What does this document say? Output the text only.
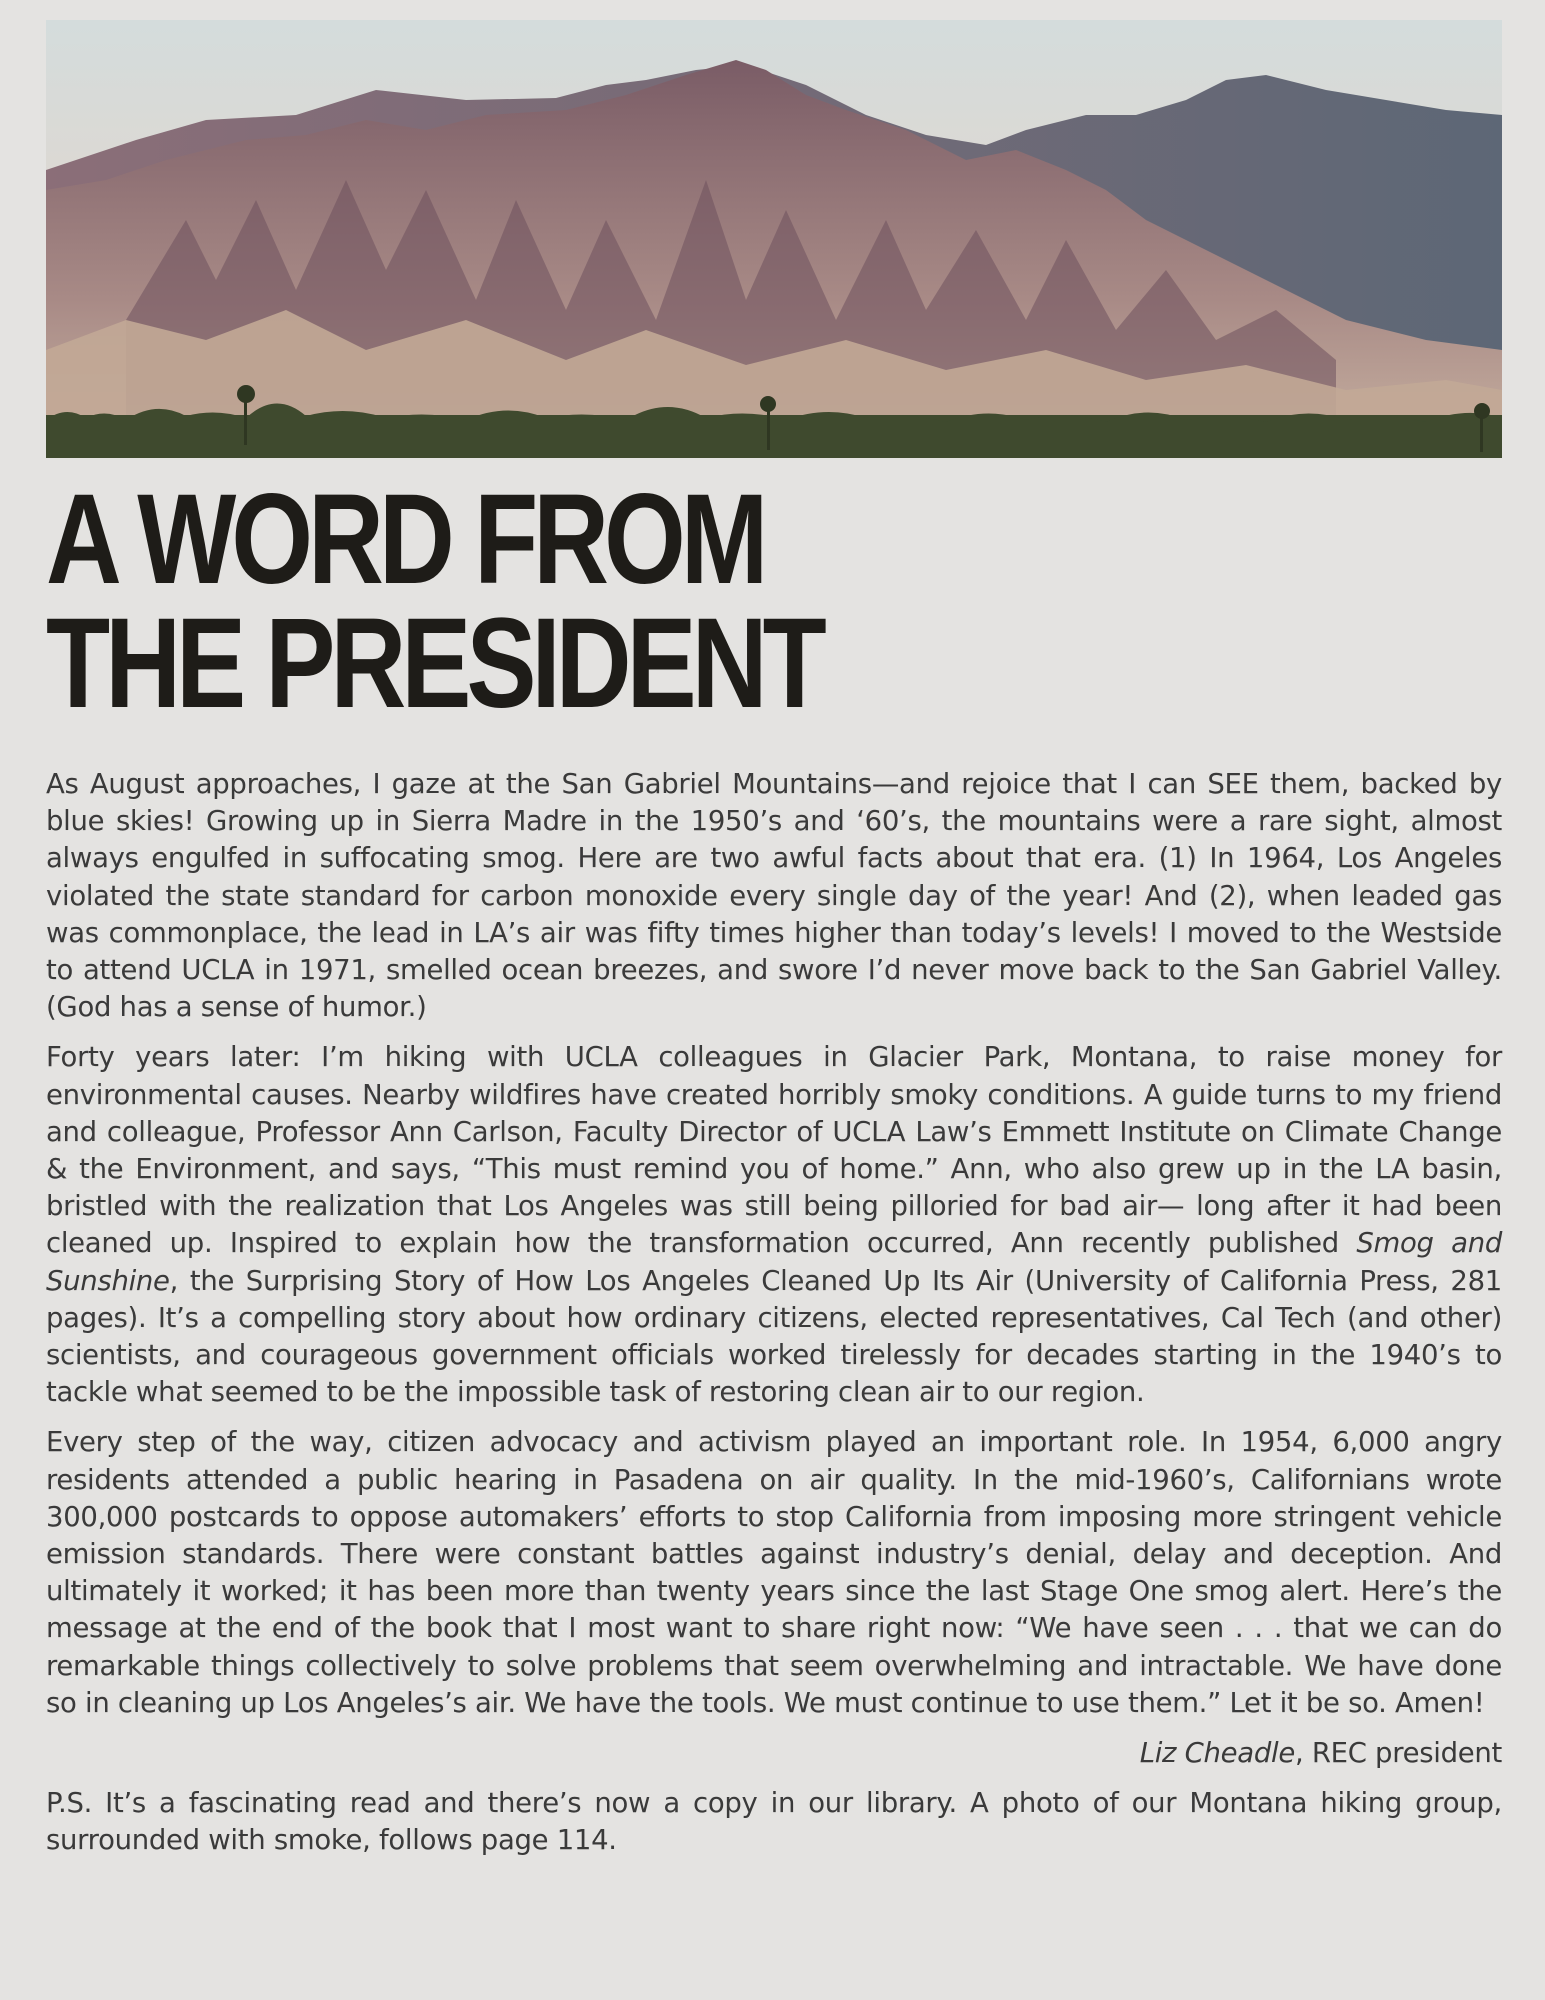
A WORD FROM
THE PRESIDENT

As August approaches, I gaze at the San Gabriel Mountains—and rejoice that I can SEE them, backed by blue skies! Growing up in Sierra Madre in the 1950’s and ‘60’s, the mountains were a rare sight, almost always engulfed in suffocating smog. Here are two awful facts about that era. (1) In 1964, Los Angeles violated the state standard for carbon monoxide every single day of the year! And (2), when leaded gas was commonplace, the lead in LA’s air was fifty times higher than today’s levels! I moved to the Westside to attend UCLA in 1971, smelled ocean breezes, and swore I’d never move back to the San Gabriel Valley. (God has a sense of humor.)

Forty years later: I’m hiking with UCLA colleagues in Glacier Park, Montana, to raise money for environmental causes. Nearby wildfires have created horribly smoky conditions. A guide turns to my friend and colleague, Professor Ann Carlson, Faculty Director of UCLA Law’s Emmett Institute on Climate Change & the Environment, and says, “This must remind you of home.” Ann, who also grew up in the LA basin, bristled with the realization that Los Angeles was still being pilloried for bad air— long after it had been cleaned up. Inspired to explain how the transformation occurred, Ann recently published Smog and Sunshine, the Surprising Story of How Los Angeles Cleaned Up Its Air (University of California Press, 281 pages). It’s a compelling story about how ordinary citizens, elected representatives, Cal Tech (and other) scientists, and courageous government officials worked tirelessly for decades starting in the 1940’s to tackle what seemed to be the impossible task of restoring clean air to our region.

Every step of the way, citizen advocacy and activism played an important role. In 1954, 6,000 angry residents attended a public hearing in Pasadena on air quality. In the mid-1960’s, Californians wrote 300,000 postcards to oppose automakers’ efforts to stop California from imposing more stringent vehicle emission standards. There were constant battles against industry’s denial, delay and deception. And ultimately it worked; it has been more than twenty years since the last Stage One smog alert. Here’s the message at the end of the book that I most want to share right now: “We have seen . . . that we can do remarkable things collectively to solve problems that seem overwhelming and intractable. We have done so in cleaning up Los Angeles’s air. We have the tools. We must continue to use them.” Let it be so. Amen!

Liz Cheadle, REC president

P.S. It’s a fascinating read and there’s now a copy in our library. A photo of our Montana hiking group, surrounded with smoke, follows page 114.
